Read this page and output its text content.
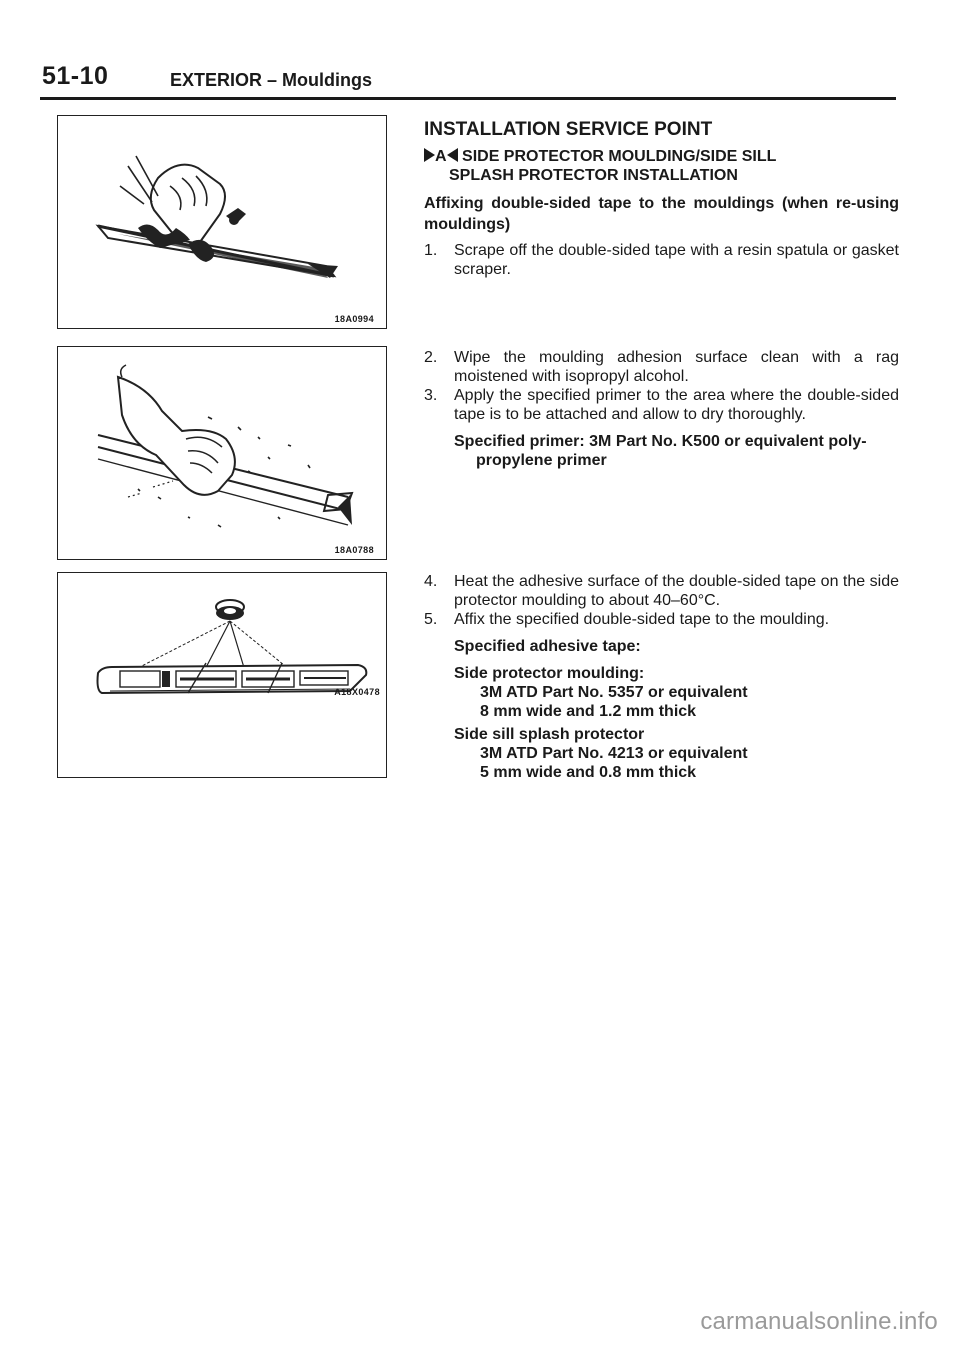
51-10	EXTERIOR – Mouldings
18A0994
18A0788
A18X0478
INSTALLATION SERVICE POINT
A SIDE PROTECTOR MOULDING/SIDE SILL
SPLASH PROTECTOR INSTALLATION
Affixing double-sided tape to the mouldings (when re-using mouldings)
1.	Scrape off the double-sided tape with a resin spatula or gasket scraper.
2.	Wipe the moulding adhesion surface clean with a rag moistened with isopropyl alcohol.
3.	Apply the specified primer to the area where the double-sided tape is to be attached and allow to dry thoroughly.
Specified primer: 3M Part No. K500 or equivalent poly-
propylene primer
4.	Heat the adhesive surface of the double-sided tape on the side protector moulding to about 40–60°C.
5.	Affix the specified double-sided tape to the moulding.
Specified adhesive tape:
Side protector moulding:
3M ATD Part No. 5357 or equivalent
8 mm wide and 1.2 mm thick
Side sill splash protector
3M ATD Part No. 4213 or equivalent
5 mm wide and 0.8 mm thick
carmanualsonline.info
